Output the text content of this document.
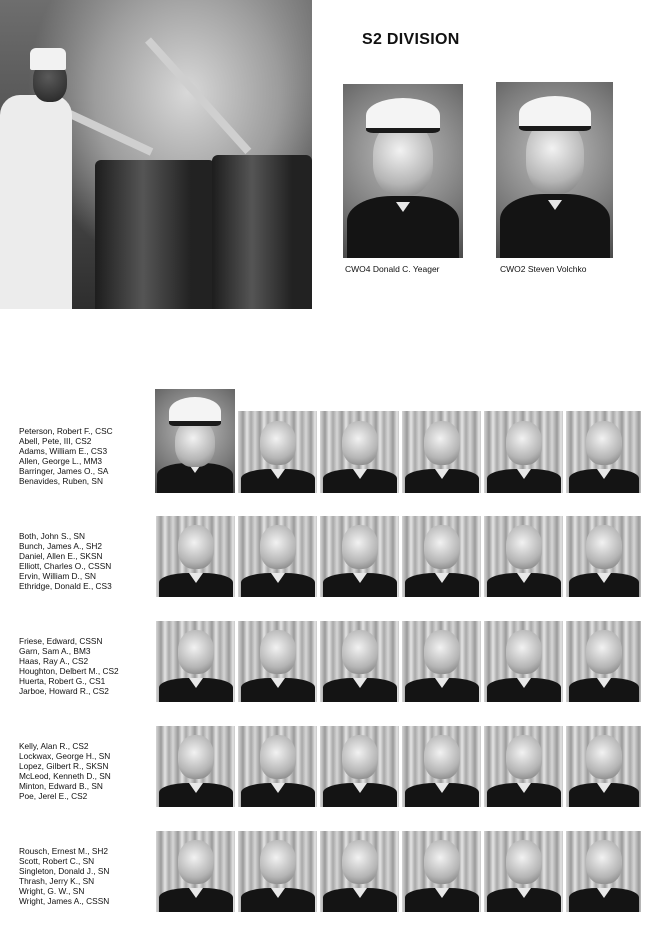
S2 DIVISION
CWO4 Donald C. Yeager	CWO2 Steven Volchko
Peterson, Robert F., CSC
Abell, Pete, III, CS2
Adams, William E., CS3
Allen, George L., MM3
Barringer, James O., SA
Benavides, Ruben, SN
Both, John S., SN
Bunch, James A., SH2
Daniel, Allen E., SKSN
Elliott, Charles O., CSSN
Ervin, William D., SN
Ethridge, Donald E., CS3
Friese, Edward, CSSN
Garn, Sam A., BM3
Haas, Ray A., CS2
Houghton, Delbert M., CS2
Huerta, Robert G., CS1
Jarboe, Howard R., CS2
Kelly, Alan R., CS2
Lockwax, George H., SN
Lopez, Gilbert R., SKSN
McLeod, Kenneth D., SN
Minton, Edward B., SN
Poe, Jerel E., CS2
Rousch, Ernest M., SH2
Scott, Robert C., SN
Singleton, Donald J., SN
Thrash, Jerry K., SN
Wright, G. W., SN
Wright, James A., CSSN
